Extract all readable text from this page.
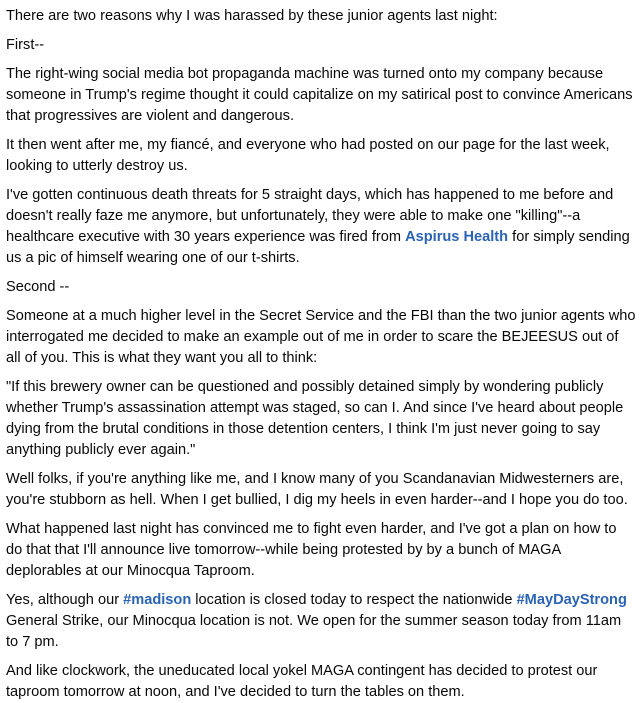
There are two reasons why I was harassed by these junior agents last night:

First--

The right-wing social media bot propaganda machine was turned onto my company because someone in Trump's regime thought it could capitalize on my satirical post to convince Americans that progressives are violent and dangerous.

It then went after me, my fiancé, and everyone who had posted on our page for the last week, looking to utterly destroy us.

I've gotten continuous death threats for 5 straight days, which has happened to me before and doesn't really faze me anymore, but unfortunately, they were able to make one "killing"--a healthcare executive with 30 years experience was fired from Aspirus Health for simply sending us a pic of himself wearing one of our t-shirts.

Second --

Someone at a much higher level in the Secret Service and the FBI than the two junior agents who interrogated me decided to make an example out of me in order to scare the BEJEESUS out of all of you. This is what they want you all to think:

"If this brewery owner can be questioned and possibly detained simply by wondering publicly whether Trump's assassination attempt was staged, so can I. And since I've heard about people dying from the brutal conditions in those detention centers, I think I'm just never going to say anything publicly ever again."

Well folks, if you're anything like me, and I know many of you Scandanavian Midwesterners are, you're stubborn as hell. When I get bullied, I dig my heels in even harder--and I hope you do too.

What happened last night has convinced me to fight even harder, and I've got a plan on how to do that that I'll announce live tomorrow--while being protested by by a bunch of MAGA deplorables at our Minocqua Taproom.

Yes, although our #madison location is closed today to respect the nationwide #MayDayStrong General Strike, our Minocqua location is not. We open for the summer season today from 11am to 7 pm.

And like clockwork, the uneducated local yokel MAGA contingent has decided to protest our taproom tomorrow at noon, and I've decided to turn the tables on them.
